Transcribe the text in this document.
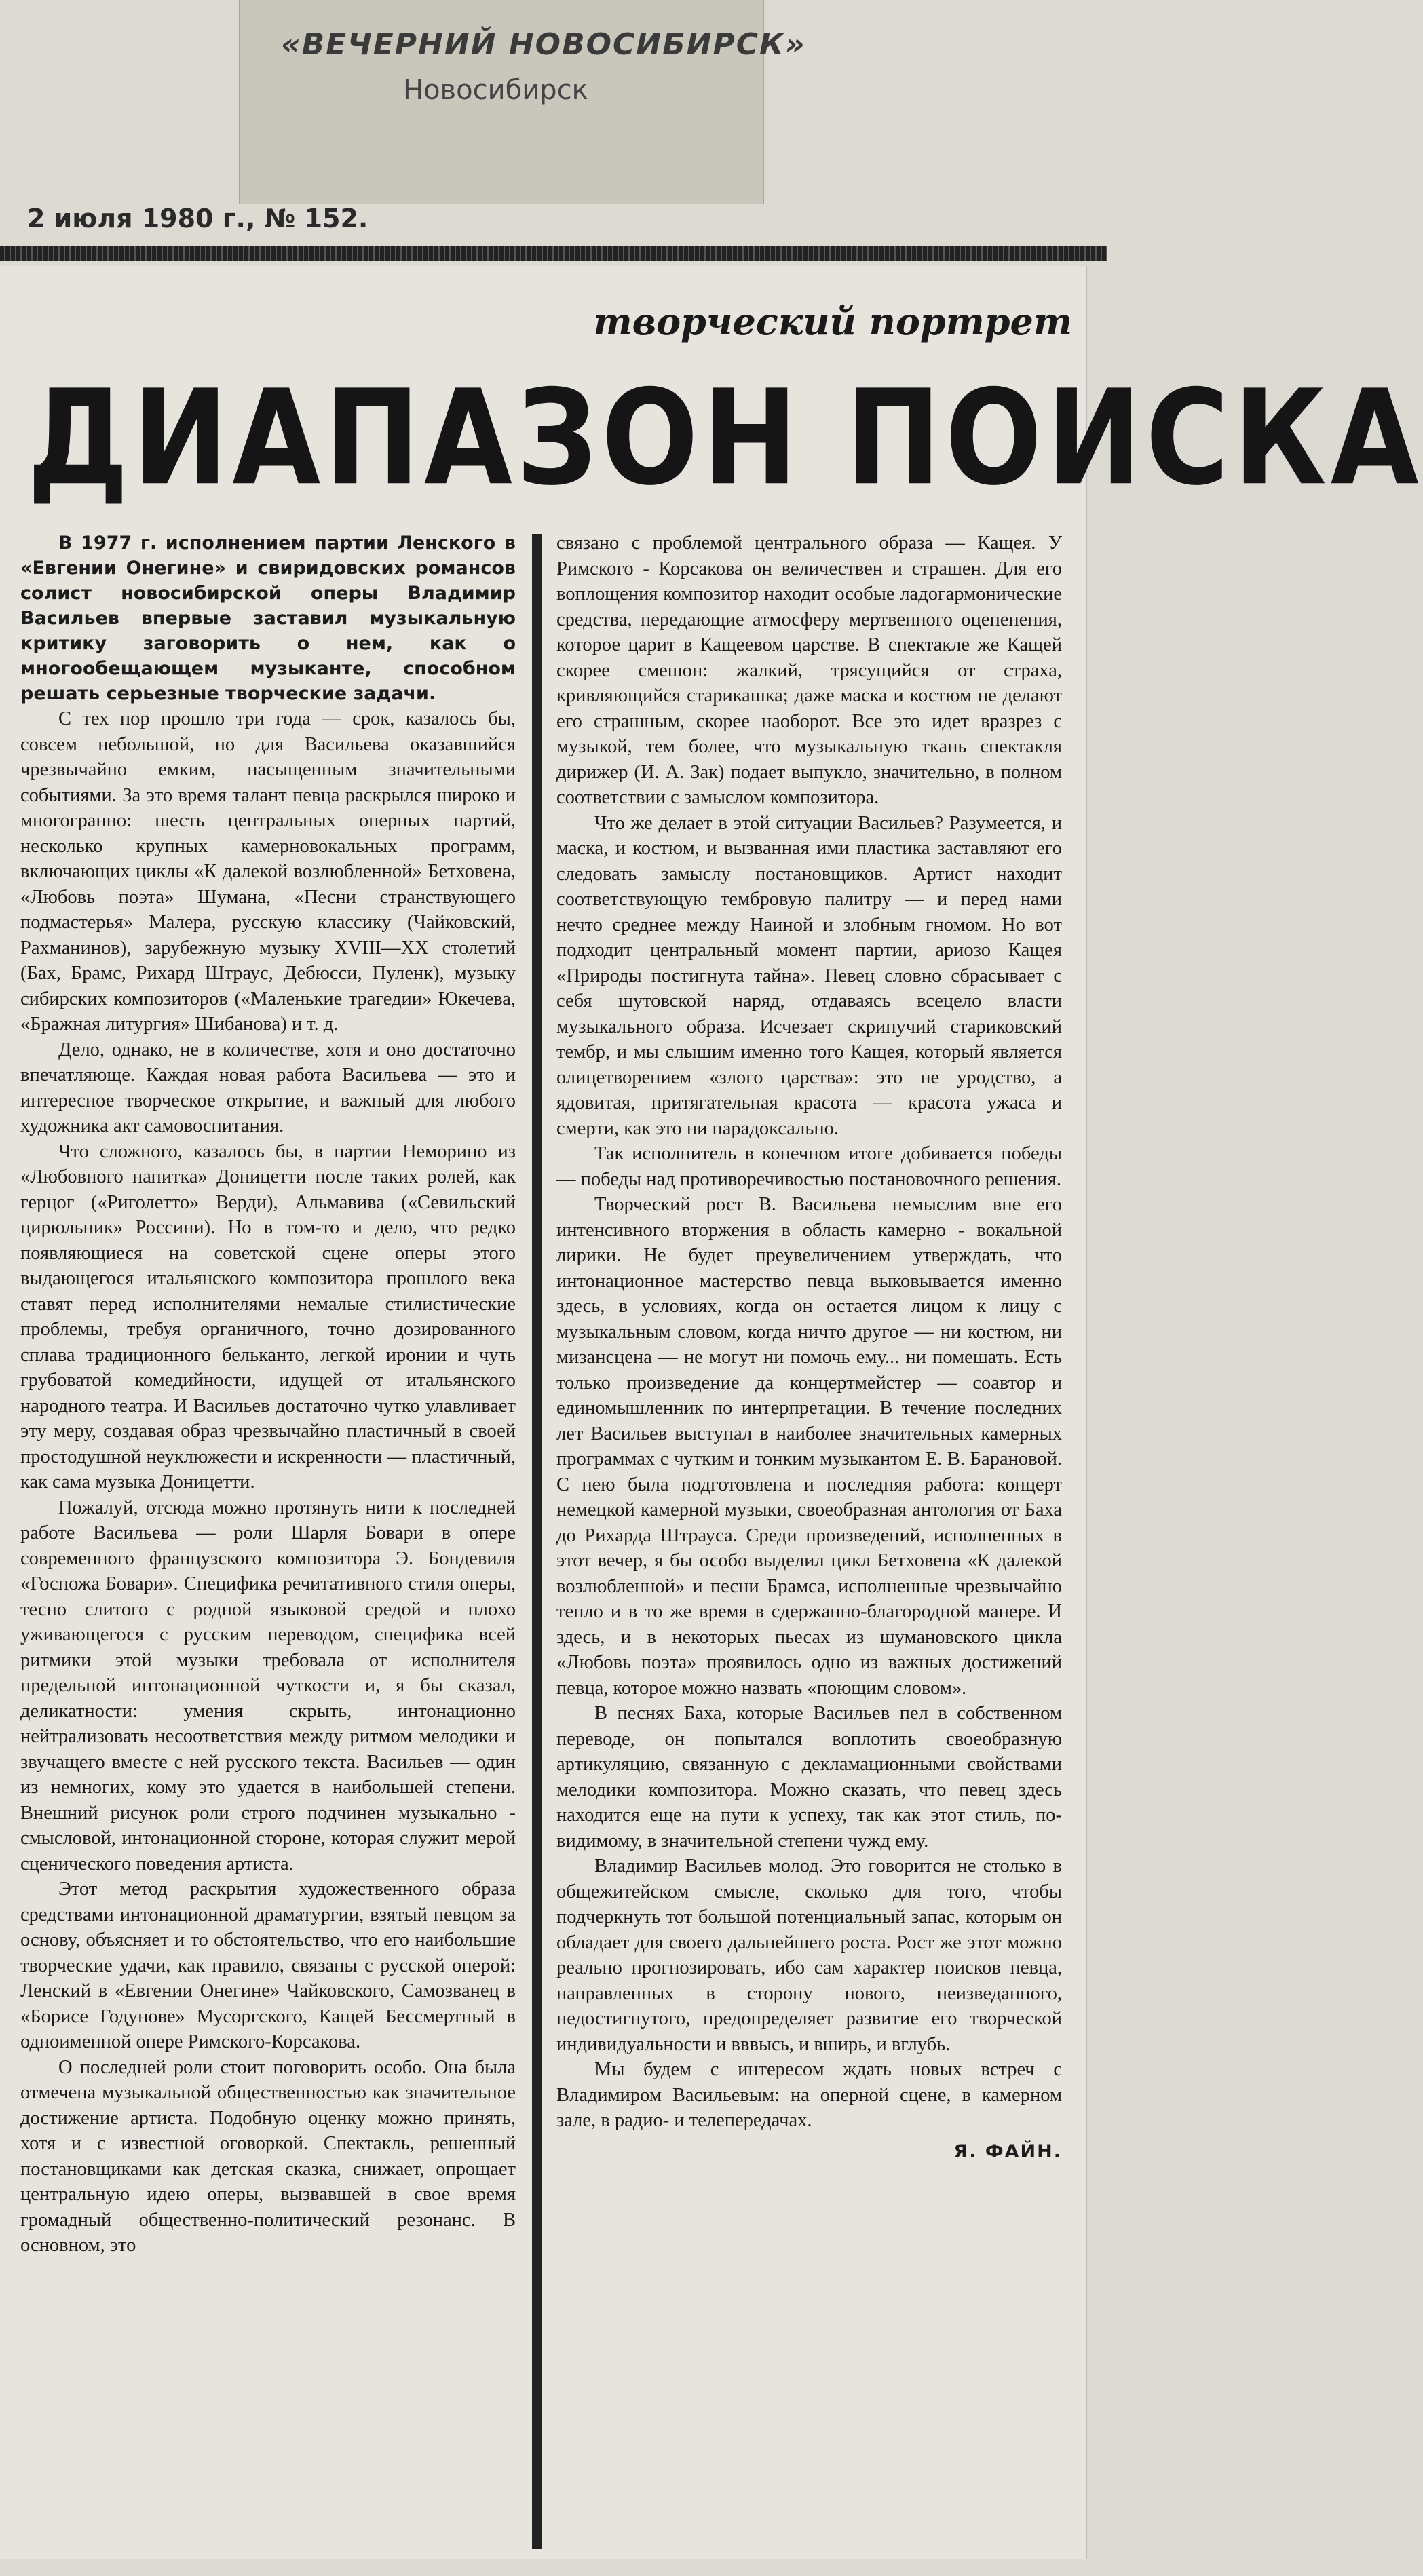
«ВЕЧЕРНИЙ НОВОСИБИРСК»
Новосибирск
2 июля 1980 г., № 152.
творческий портрет
ДИАПАЗОН ПОИСКА

В 1977 г. исполнением партии Ленского в «Евгении Онегине» и свиридовских романсов солист новосибирской оперы Владимир Васильев впервые заставил музыкальную критику заговорить о нем, как о многообещающем музыканте, способном решать серьезные творческие задачи.

С тех пор прошло три года — срок, казалось бы, совсем небольшой, но для Васильева оказавшийся чрезвычайно емким, насыщенным значительными событиями. За это время талант певца раскрылся широко и многогранно: шесть центральных оперных партий, несколько крупных камерновокальных программ, включающих циклы «К далекой возлюбленной» Бетховена, «Любовь поэта» Шумана, «Песни странствующего подмастерья» Малера, русскую классику (Чайковский, Рахманинов), зарубежную музыку XVIII—XX столетий (Бах, Брамс, Рихард Штраус, Дебюсси, Пуленк), музыку сибирских композиторов («Маленькие трагедии» Юкечева, «Бражная литургия» Шибанова) и т. д.

Дело, однако, не в количестве, хотя и оно достаточно впечатляюще. Каждая новая работа Васильева — это и интересное творческое открытие, и важный для любого художника акт самовоспитания.

Что сложного, казалось бы, в партии Неморино из «Любовного напитка» Доницетти после таких ролей, как герцог («Риголетто» Верди), Альмавива («Севильский цирюльник» Россини). Но в том-то и дело, что редко появляющиеся на советской сцене оперы этого выдающегося итальянского композитора прошлого века ставят перед исполнителями немалые стилистические проблемы, требуя органичного, точно дозированного сплава традиционного бельканто, легкой иронии и чуть грубоватой комедийности, идущей от итальянского народного театра. И Васильев достаточно чутко улавливает эту меру, создавая образ чрезвычайно пластичный в своей простодушной неуклюжести и искренности — пластичный, как сама музыка Доницетти.

Пожалуй, отсюда можно протянуть нити к последней работе Васильева — роли Шарля Бовари в опере современного французского композитора Э. Бондевиля «Госпожа Бовари». Специфика речитативного стиля оперы, тесно слитого с родной языковой средой и плохо уживающегося с русским переводом, специфика всей ритмики этой музыки требовала от исполнителя предельной интонационной чуткости и, я бы сказал, деликатности: умения скрыть, интонационно нейтрализовать несоответствия между ритмом мелодики и звучащего вместе с ней русского текста. Васильев — один из немногих, кому это удается в наибольшей степени. Внешний рисунок роли строго подчинен музыкально - смысловой, интонационной стороне, которая служит мерой сценического поведения артиста.

Этот метод раскрытия художественного образа средствами интонационной драматургии, взятый певцом за основу, объясняет и то обстоятельство, что его наибольшие творческие удачи, как правило, связаны с русской оперой: Ленский в «Евгении Онегине» Чайковского, Самозванец в «Борисе Годунове» Мусоргского, Кащей Бессмертный в одноименной опере Римского-Корсакова.

О последней роли стоит поговорить особо. Она была отмечена музыкальной общественностью как значительное достижение артиста. Подобную оценку можно принять, хотя и с известной оговоркой. Спектакль, решенный постановщиками как детская сказка, снижает, опрощает центральную идею оперы, вызвавшей в свое время громадный общественно-политический резонанс. В основном, это

связано с проблемой центрального образа — Кащея. У Римского - Корсакова он величествен и страшен. Для его воплощения композитор находит особые ладогармонические средства, передающие атмосферу мертвенного оцепенения, которое царит в Кащеевом царстве. В спектакле же Кащей скорее смешон: жалкий, трясущийся от страха, кривляющийся старикашка; даже маска и костюм не делают его страшным, скорее наоборот. Все это идет вразрез с музыкой, тем более, что музыкальную ткань спектакля дирижер (И. А. Зак) подает выпукло, значительно, в полном соответствии с замыслом композитора.

Что же делает в этой ситуации Васильев? Разумеется, и маска, и костюм, и вызванная ими пластика заставляют его следовать замыслу постановщиков. Артист находит соответствующую тембровую палитру — и перед нами нечто среднее между Наиной и злобным гномом. Но вот подходит центральный момент партии, ариозо Кащея «Природы постигнута тайна». Певец словно сбрасывает с себя шутовской наряд, отдаваясь всецело власти музыкального образа. Исчезает скрипучий стариковский тембр, и мы слышим именно того Кащея, который является олицетворением «злого царства»: это не уродство, а ядовитая, притягательная красота — красота ужаса и смерти, как это ни парадоксально.

Так исполнитель в конечном итоге добивается победы — победы над противоречивостью постановочного решения.

Творческий рост В. Васильева немыслим вне его интенсивного вторжения в область камерно - вокальной лирики. Не будет преувеличением утверждать, что интонационное мастерство певца выковывается именно здесь, в условиях, когда он остается лицом к лицу с музыкальным словом, когда ничто другое — ни костюм, ни мизансцена — не могут ни помочь ему... ни помешать. Есть только произведение да концертмейстер — соавтор и единомышленник по интерпретации. В течение последних лет Васильев выступал в наиболее значительных камерных программах с чутким и тонким музыкантом Е. В. Барановой. С нею была подготовлена и последняя работа: концерт немецкой камерной музыки, своеобразная антология от Баха до Рихарда Штрауса. Среди произведений, исполненных в этот вечер, я бы особо выделил цикл Бетховена «К далекой возлюбленной» и песни Брамса, исполненные чрезвычайно тепло и в то же время в сдержанно-благородной манере. И здесь, и в некоторых пьесах из шумановского цикла «Любовь поэта» проявилось одно из важных достижений певца, которое можно назвать «поющим словом».

В песнях Баха, которые Васильев пел в собственном переводе, он попытался воплотить своеобразную артикуляцию, связанную с декламационными свойствами мелодики композитора. Можно сказать, что певец здесь находится еще на пути к успеху, так как этот стиль, по-видимому, в значительной степени чужд ему.

Владимир Васильев молод. Это говорится не столько в общежитейском смысле, сколько для того, чтобы подчеркнуть тот большой потенциальный запас, которым он обладает для своего дальнейшего роста. Рост же этот можно реально прогнозировать, ибо сам характер поисков певца, направленных в сторону нового, неизведанного, недостигнутого, предопределяет развитие его творческой индивидуальности и вввысь, и вширь, и вглубь.

Мы будем с интересом ждать новых встреч с Владимиром Васильевым: на оперной сцене, в камерном зале, в радио- и телепередачах.

Я. ФАЙН.
